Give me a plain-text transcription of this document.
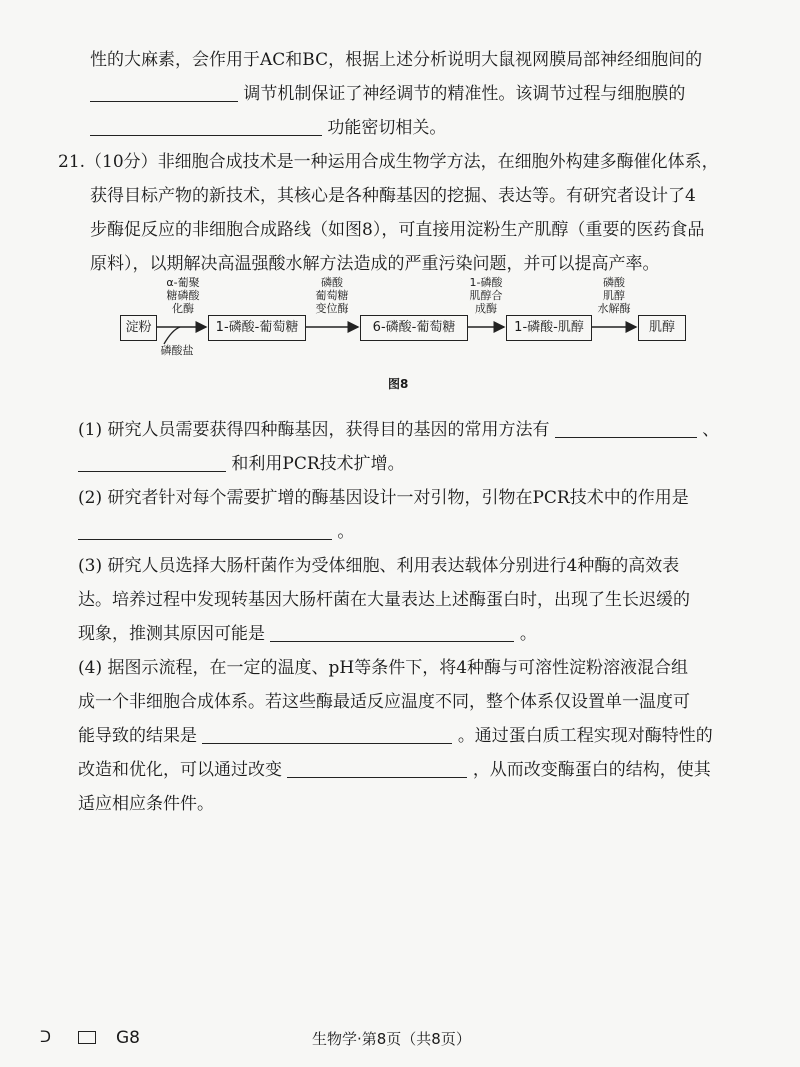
性的大麻素，会作用于AC和BC，根据上述分析说明大鼠视网膜局部神经细胞间的
调节机制保证了神经调节的精准性。该调节过程与细胞膜的
功能密切相关。
21.（10分）非细胞合成技术是一种运用合成生物学方法，在细胞外构建多酶催化体系，
获得目标产物的新技术，其核心是各种酶基因的挖掘、表达等。有研究者设计了4
步酶促反应的非细胞合成路线（如图8），可直接用淀粉生产肌醇（重要的医药食品
原料），以期解决高温强酸水解方法造成的严重污染问题，并可以提高产率。
淀粉	1-磷酸-葡萄糖	6-磷酸-葡萄糖	1-磷酸-肌醇	肌醇
α-葡聚
糖磷酸
化酶
磷酸
葡萄糖
变位酶
1-磷酸
肌醇合
成酶
磷酸
肌醇
水解酶
磷酸盐
图8
(1) 研究人员需要获得四种酶基因，获得目的基因的常用方法有	、
和利用PCR技术扩增。
(2) 研究者针对每个需要扩增的酶基因设计一对引物，引物在PCR技术中的作用是
。
(3) 研究人员选择大肠杆菌作为受体细胞、利用表达载体分别进行4种酶的高效表
达。培养过程中发现转基因大肠杆菌在大量表达上述酶蛋白时，出现了生长迟缓的
现象，推测其原因可能是	。
(4) 据图示流程，在一定的温度、pH等条件下，将4种酶与可溶性淀粉溶液混合组
成一个非细胞合成体系。若这些酶最适反应温度不同，整个体系仅设置单一温度可
能导致的结果是	。通过蛋白质工程实现对酶特性的
改造和优化，可以通过改变	，从而改变酶蛋白的结构，使其
适应相应条件件。
ᑐ	G8	生物学·第8页（共8页）
